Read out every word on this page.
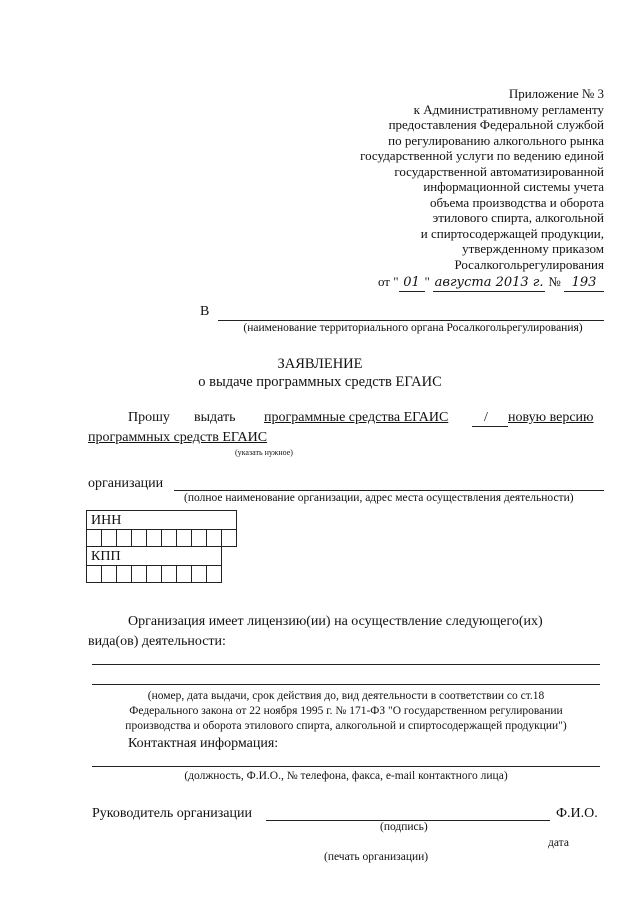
Приложение № 3
к Административному регламенту
предоставления Федеральной службой
по регулированию алкогольного рынка
государственной услуги по ведению единой
государственной автоматизированной
информационной системы учета
объема производства и оборота
этилового спирта, алкогольной
и спиртосодержащей продукции,
утвержденному приказом
Росалкогольрегулирования
от " 01 " августа 2013 г. № 193
В
(наименование территориального органа Росалкогольрегулирования)
ЗАЯВЛЕНИЕ
о выдаче программных средств ЕГАИС
Прошу выдать программные средства ЕГАИС	/ новую версию
программных средств ЕГАИС
(указать нужное)
организации
(полное наименование организации, адрес места осуществления деятельности)
ИНН

КПП

Организация имеет лицензию(ии) на осуществление следующего(их)
вида(ов) деятельности:
(номер, дата выдачи, срок действия до, вид деятельности в соответствии со ст.18
Федерального закона от 22 ноября 1995 г. № 171-ФЗ "О государственном регулировании
производства и оборота этилового спирта, алкогольной и спиртосодержащей продукции")
Контактная информация:
(должность, Ф.И.О., № телефона, факса, e-mail контактного лица)
Руководитель организации	Ф.И.О.
(подпись)
дата
(печать организации)
